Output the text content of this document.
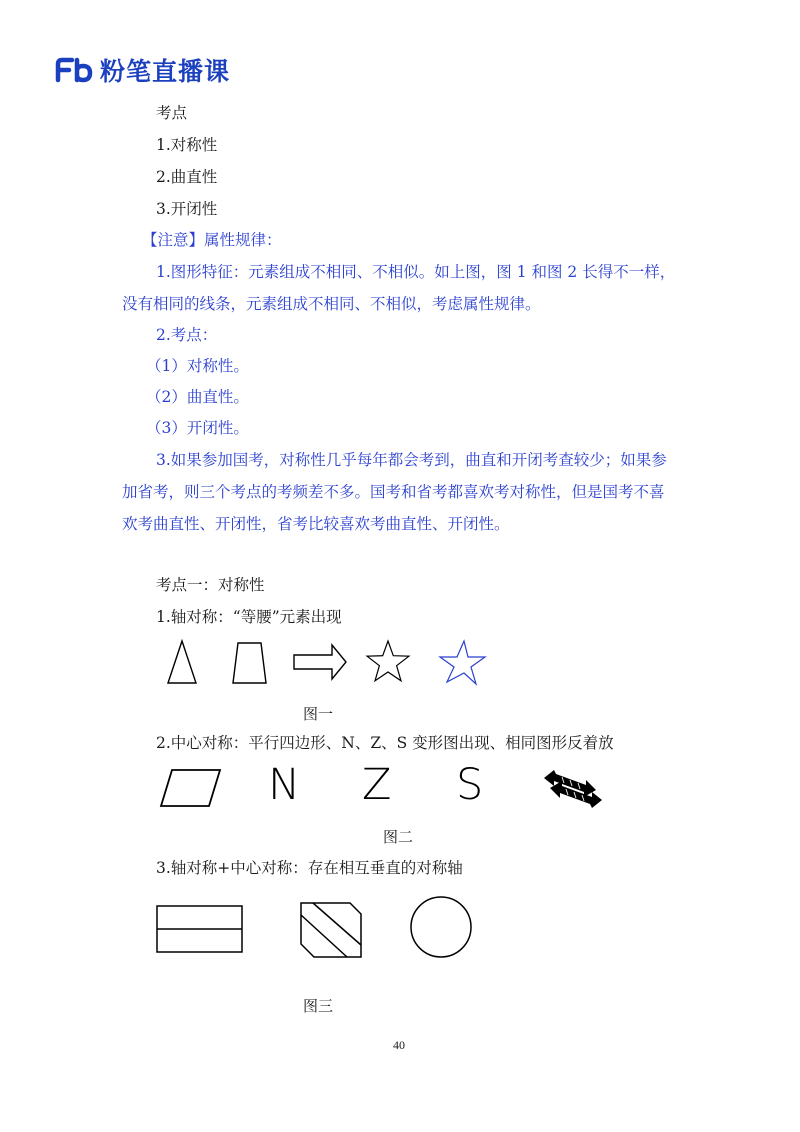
粉笔直播课
考点
1.对称性
2.曲直性
3.开闭性
【注意】属性规律：
1.图形特征：元素组成不相同、不相似。如上图，图 1 和图 2 长得不一样，
没有相同的线条，元素组成不相同、不相似，考虑属性规律。
2.考点：
（1）对称性。
（2）曲直性。
（3）开闭性。
3.如果参加国考，对称性几乎每年都会考到，曲直和开闭考查较少；如果参
加省考，则三个考点的考频差不多。国考和省考都喜欢考对称性，但是国考不喜
欢考曲直性、开闭性，省考比较喜欢考曲直性、开闭性。
考点一：对称性
1.轴对称：“等腰”元素出现
图一
2.中心对称：平行四边形、N、Z、S 变形图出现、相同图形反着放
N Z S
图二
3.轴对称+中心对称：存在相互垂直的对称轴
图三
40
